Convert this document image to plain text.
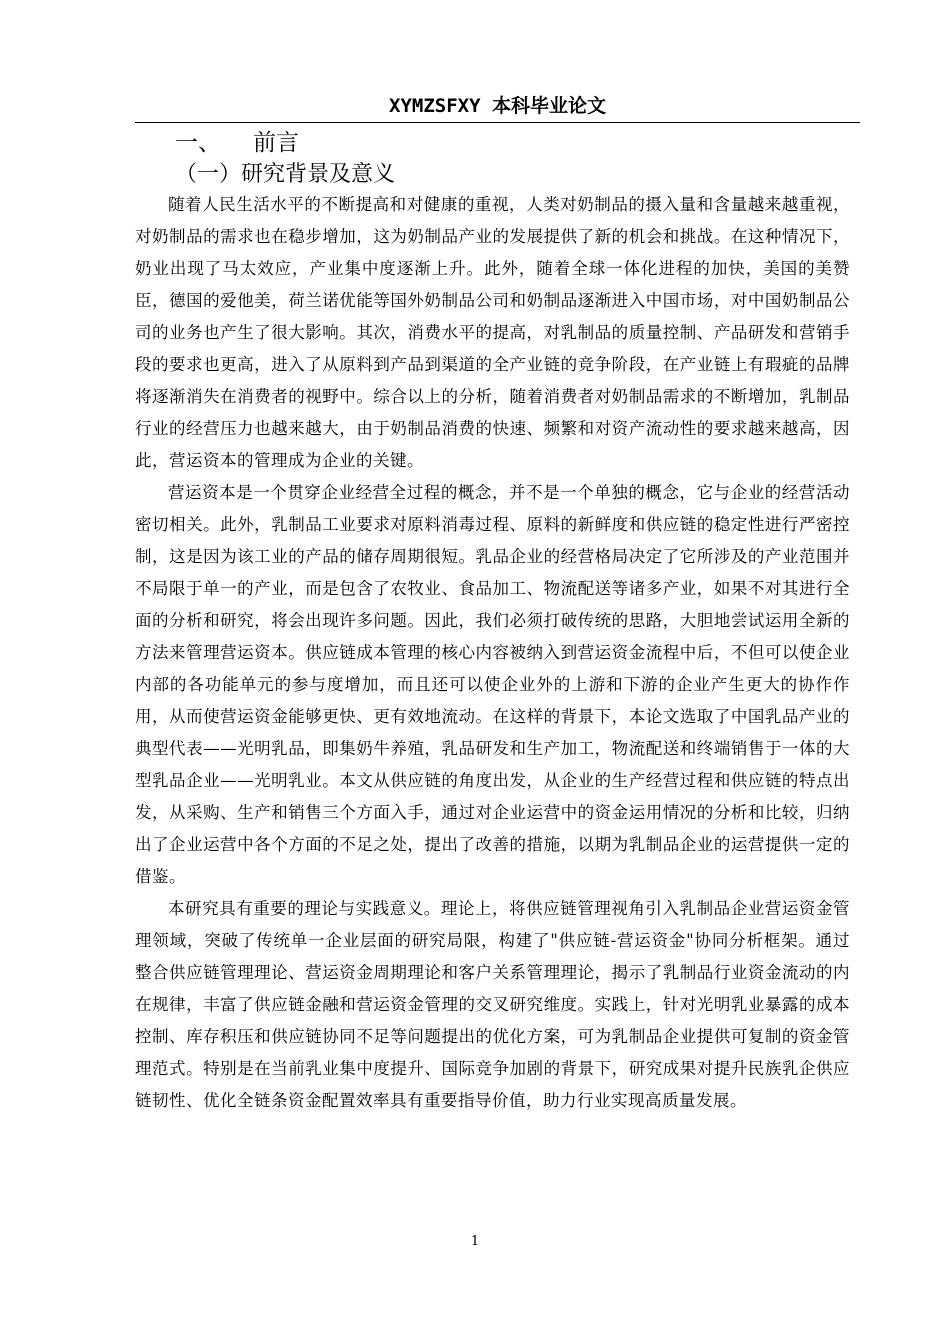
XYMZSFXY 本科毕业论文
一、 前言
（一）研究背景及意义

随着人民生活水平的不断提高和对健康的重视，人类对奶制品的摄入量和含量越来越重视，对奶制品的需求也在稳步增加，这为奶制品产业的发展提供了新的机会和挑战。在这种情况下，奶业出现了马太效应，产业集中度逐渐上升。此外，随着全球一体化进程的加快，美国的美赞臣，德国的爱他美，荷兰诺优能等国外奶制品公司和奶制品逐渐进入中国市场，对中国奶制品公司的业务也产生了很大影响。其次，消费水平的提高，对乳制品的质量控制、产品研发和营销手段的要求也更高，进入了从原料到产品到渠道的全产业链的竞争阶段，在产业链上有瑕疵的品牌将逐渐消失在消费者的视野中。综合以上的分析，随着消费者对奶制品需求的不断增加，乳制品行业的经营压力也越来越大，由于奶制品消费的快速、频繁和对资产流动性的要求越来越高，因此，营运资本的管理成为企业的关键。

营运资本是一个贯穿企业经营全过程的概念，并不是一个单独的概念，它与企业的经营活动密切相关。此外，乳制品工业要求对原料消毒过程、原料的新鲜度和供应链的稳定性进行严密控制，这是因为该工业的产品的储存周期很短。乳品企业的经营格局决定了它所涉及的产业范围并不局限于单一的产业，而是包含了农牧业、食品加工、物流配送等诸多产业，如果不对其进行全面的分析和研究，将会出现许多问题。因此，我们必须打破传统的思路，大胆地尝试运用全新的方法来管理营运资本。供应链成本管理的核心内容被纳入到营运资金流程中后，不但可以使企业内部的各功能单元的参与度增加，而且还可以使企业外的上游和下游的企业产生更大的协作作用，从而使营运资金能够更快、更有效地流动。在这样的背景下，本论文选取了中国乳品产业的典型代表——光明乳品，即集奶牛养殖，乳品研发和生产加工，物流配送和终端销售于一体的大型乳品企业——光明乳业。本文从供应链的角度出发，从企业的生产经营过程和供应链的特点出发，从采购、生产和销售三个方面入手，通过对企业运营中的资金运用情况的分析和比较，归纳出了企业运营中各个方面的不足之处，提出了改善的措施，以期为乳制品企业的运营提供一定的借鉴。

本研究具有重要的理论与实践意义。理论上，将供应链管理视角引入乳制品企业营运资金管理领域，突破了传统单一企业层面的研究局限，构建了"供应链-营运资金"协同分析框架。通过整合供应链管理理论、营运资金周期理论和客户关系管理理论，揭示了乳制品行业资金流动的内在规律，丰富了供应链金融和营运资金管理的交叉研究维度。实践上，针对光明乳业暴露的成本控制、库存积压和供应链协同不足等问题提出的优化方案，可为乳制品企业提供可复制的资金管理范式。特别是在当前乳业集中度提升、国际竞争加剧的背景下，研究成果对提升民族乳企供应链韧性、优化全链条资金配置效率具有重要指导价值，助力行业实现高质量发展。

1
